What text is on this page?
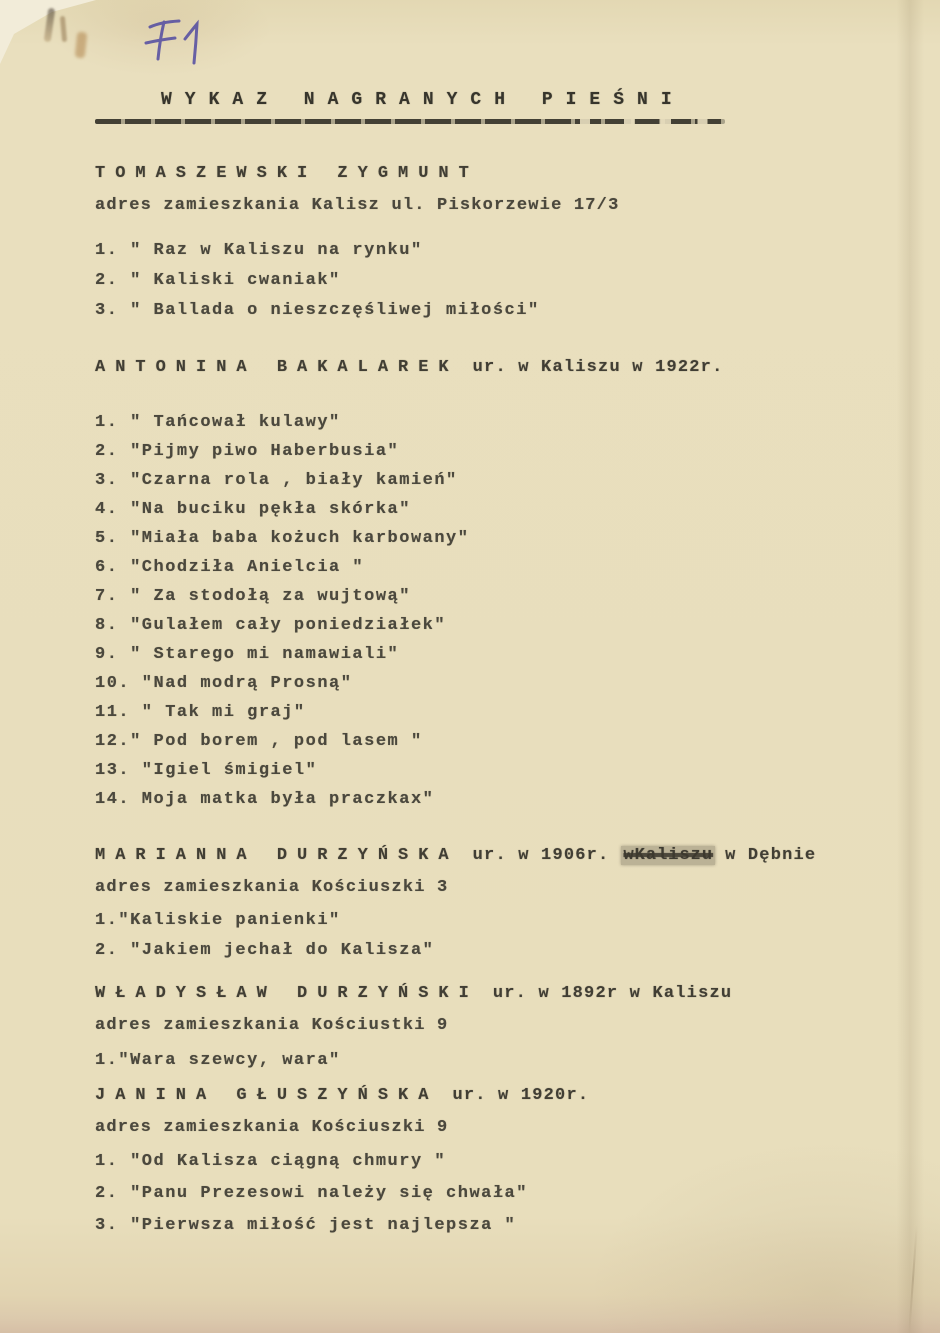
WYKAZ NAGRANYCH PIEŚNI
TOMASZEWSKI ZYGMUNT

adres zamieszkania Kalisz ul. Piskorzewie 17/3

1. " Raz w Kaliszu na rynku"

2. " Kaliski cwaniak"

3. " Ballada o nieszczęśliwej miłości"

ANTONINA BAKALAREK ur. w Kaliszu w 1922r.

1. " Tańcował kulawy"

2. "Pijmy piwo Haberbusia"

3. "Czarna rola , biały kamień"

4. "Na buciku pękła skórka"

5. "Miała baba kożuch karbowany"

6. "Chodziła Anielcia "

7. " Za stodołą za wujtową"

8. "Gulałem cały poniedziałek"

9. " Starego mi namawiali"

10. "Nad modrą Prosną"

11. " Tak mi graj"

12." Pod borem , pod lasem "

13. "Igiel śmigiel"

14. Moja matka była praczkax"

MARIANNA DURZYŃSKA ur. w 1906r. wKaliszu w Dębnie

adres zamieszkania Kościuszki 3

1."Kaliskie panienki"

2. "Jakiem jechał do Kalisza"

WŁADYSŁAW DURZYŃSKI ur. w 1892r w Kaliszu

adres zamieszkania Kościustki 9

1."Wara szewcy, wara"

JANINA GŁUSZYŃSKA ur. w 1920r.

adres zamieszkania Kościuszki 9

1. "Od Kalisza ciągną chmury "

2. "Panu Prezesowi należy się chwała"

3. "Pierwsza miłość jest najlepsza "
